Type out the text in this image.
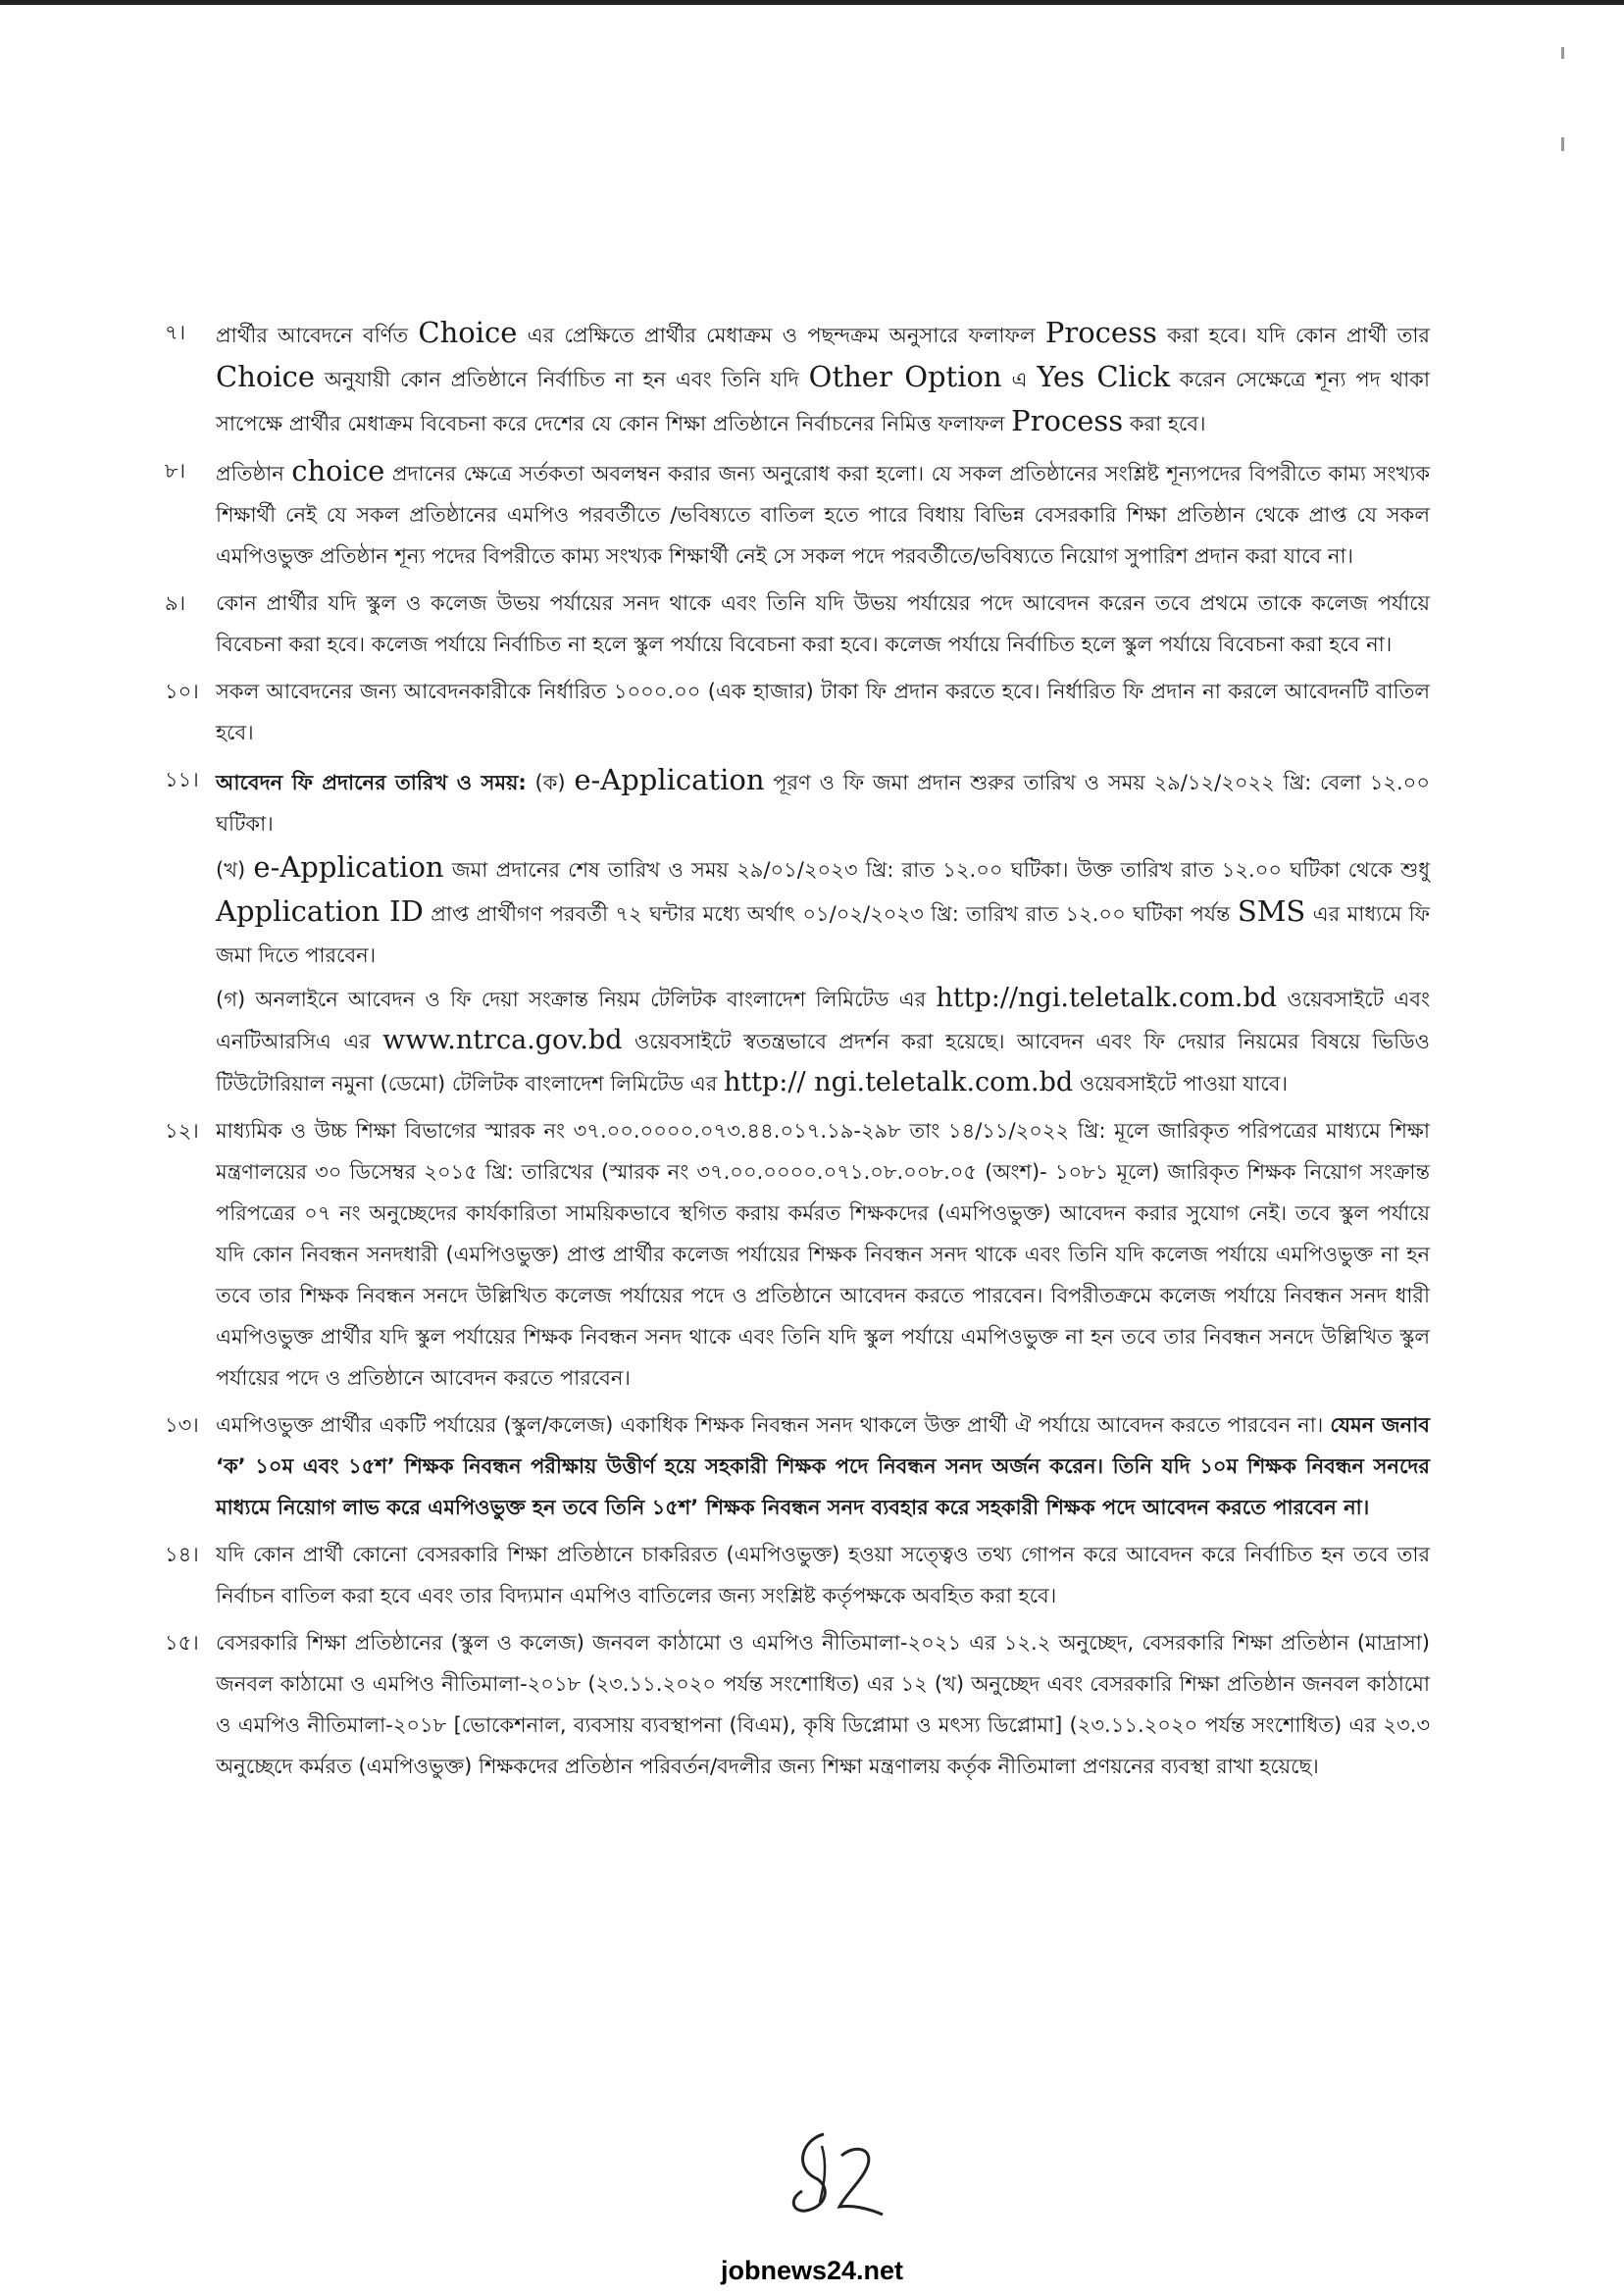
৭।	প্রার্থীর আবেদনে বর্ণিত Choice এর প্রেক্ষিতে প্রার্থীর মেধাক্রম ও পছন্দক্রম অনুসারে ফলাফল Process করা হবে। যদি কোন প্রার্থী তার Choice অনুযায়ী কোন প্রতিষ্ঠানে নির্বাচিত না হন এবং তিনি যদি Other Option এ Yes Click করেন সেক্ষেত্রে শূন্য পদ থাকা সাপেক্ষে প্রার্থীর মেধাক্রম বিবেচনা করে দেশের যে কোন শিক্ষা প্রতিষ্ঠানে নির্বাচনের নিমিত্ত ফলাফল Process করা হবে।

৮।	প্রতিষ্ঠান choice প্রদানের ক্ষেত্রে সর্তকতা অবলম্বন করার জন্য অনুরোধ করা হলো। যে সকল প্রতিষ্ঠানের সংশ্লিষ্ট শূন্যপদের বিপরীতে কাম্য সংখ্যক শিক্ষার্থী নেই যে সকল প্রতিষ্ঠানের এমপিও পরবর্তীতে /ভবিষ্যতে বাতিল হতে পারে বিধায় বিভিন্ন বেসরকারি শিক্ষা প্রতিষ্ঠান থেকে প্রাপ্ত যে সকল এমপিওভুক্ত প্রতিষ্ঠান শূন্য পদের বিপরীতে কাম্য সংখ্যক শিক্ষার্থী নেই সে সকল পদে পরবর্তীতে/ভবিষ্যতে নিয়োগ সুপারিশ প্রদান করা যাবে না।

৯।	কোন প্রার্থীর যদি স্কুল ও কলেজ উভয় পর্যায়ের সনদ থাকে এবং তিনি যদি উভয় পর্যায়ের পদে আবেদন করেন তবে প্রথমে তাকে কলেজ পর্যায়ে বিবেচনা করা হবে। কলেজ পর্যায়ে নির্বাচিত না হলে স্কুল পর্যায়ে বিবেচনা করা হবে। কলেজ পর্যায়ে নির্বাচিত হলে স্কুল পর্যায়ে বিবেচনা করা হবে না।

১০। সকল আবেদনের জন্য আবেদনকারীকে নির্ধারিত ১০০০.০০ (এক হাজার) টাকা ফি প্রদান করতে হবে। নির্ধারিত ফি প্রদান না করলে আবেদনটি বাতিল হবে।

১১। আবেদন ফি প্রদানের তারিখ ও সময়: (ক) e-Application পূরণ ও ফি জমা প্রদান শুরুর তারিখ ও সময় ২৯/১২/২০২২ খ্রি: বেলা ১২.০০ ঘটিকা।

(খ) e-Application জমা প্রদানের শেষ তারিখ ও সময় ২৯/০১/২০২৩ খ্রি: রাত ১২.০০ ঘটিকা। উক্ত তারিখ রাত ১২.০০ ঘটিকা থেকে শুধু Application ID প্রাপ্ত প্রার্থীগণ পরবর্তী ৭২ ঘন্টার মধ্যে অর্থাৎ ০১/০২/২০২৩ খ্রি: তারিখ রাত ১২.০০ ঘটিকা পর্যন্ত SMS এর মাধ্যমে ফি জমা দিতে পারবেন।

(গ) অনলাইনে আবেদন ও ফি দেয়া সংক্রান্ত নিয়ম টেলিটক বাংলাদেশ লিমিটেড এর http://ngi.teletalk.com.bd ওয়েবসাইটে এবং এনটিআরসিএ এর www.ntrca.gov.bd ওয়েবসাইটে স্বতন্ত্রভাবে প্রদর্শন করা হয়েছে। আবেদন এবং ফি দেয়ার নিয়মের বিষয়ে ভিডিও টিউটোরিয়াল নমুনা (ডেমো) টেলিটক বাংলাদেশ লিমিটেড এর http:// ngi.teletalk.com.bd ওয়েবসাইটে পাওয়া যাবে।

১২। মাধ্যমিক ও উচ্চ শিক্ষা বিভাগের স্মারক নং ৩৭.০০.০০০০.০৭৩.৪৪.০১৭.১৯-২৯৮ তাং ১৪/১১/২০২২ খ্রি: মূলে জারিকৃত পরিপত্রের মাধ্যমে শিক্ষা মন্ত্রণালয়ের ৩০ ডিসেম্বর ২০১৫ খ্রি: তারিখের (স্মারক নং ৩৭.০০.০০০০.০৭১.০৮.০০৮.০৫ (অংশ)- ১০৮১ মূলে) জারিকৃত শিক্ষক নিয়োগ সংক্রান্ত পরিপত্রের ০৭ নং অনুচ্ছেদের কার্যকারিতা সাময়িকভাবে স্থগিত করায় কর্মরত শিক্ষকদের (এমপিওভুক্ত) আবেদন করার সুযোগ নেই। তবে স্কুল পর্যায়ে যদি কোন নিবন্ধন সনদধারী (এমপিওভুক্ত) প্রাপ্ত প্রার্থীর কলেজ পর্যায়ের শিক্ষক নিবন্ধন সনদ থাকে এবং তিনি যদি কলেজ পর্যায়ে এমপিওভুক্ত না হন তবে তার শিক্ষক নিবন্ধন সনদে উল্লিখিত কলেজ পর্যায়ের পদে ও প্রতিষ্ঠানে আবেদন করতে পারবেন। বিপরীতক্রমে কলেজ পর্যায়ে নিবন্ধন সনদ ধারী এমপিওভুক্ত প্রার্থীর যদি স্কুল পর্যায়ের শিক্ষক নিবন্ধন সনদ থাকে এবং তিনি যদি স্কুল পর্যায়ে এমপিওভুক্ত না হন তবে তার নিবন্ধন সনদে উল্লিখিত স্কুল পর্যায়ের পদে ও প্রতিষ্ঠানে আবেদন করতে পারবেন।

১৩। এমপিওভুক্ত প্রার্থীর একটি পর্যায়ের (স্কুল/কলেজ) একাধিক শিক্ষক নিবন্ধন সনদ থাকলে উক্ত প্রার্থী ঐ পর্যায়ে আবেদন করতে পারবেন না। যেমন জনাব ‘ক’ ১০ম এবং ১৫শ’ শিক্ষক নিবন্ধন পরীক্ষায় উত্তীর্ণ হয়ে সহকারী শিক্ষক পদে নিবন্ধন সনদ অর্জন করেন। তিনি যদি ১০ম শিক্ষক নিবন্ধন সনদের মাধ্যমে নিয়োগ লাভ করে এমপিওভুক্ত হন তবে তিনি ১৫শ’ শিক্ষক নিবন্ধন সনদ ব্যবহার করে সহকারী শিক্ষক পদে আবেদন করতে পারবেন না।

১৪। যদি কোন প্রার্থী কোনো বেসরকারি শিক্ষা প্রতিষ্ঠানে চাকরিরত (এমপিওভুক্ত) হওয়া সত্ত্বেও তথ্য গোপন করে আবেদন করে নির্বাচিত হন তবে তার নির্বাচন বাতিল করা হবে এবং তার বিদ্যমান এমপিও বাতিলের জন্য সংশ্লিষ্ট কর্তৃপক্ষকে অবহিত করা হবে।

১৫। বেসরকারি শিক্ষা প্রতিষ্ঠানের (স্কুল ও কলেজ) জনবল কাঠামো ও এমপিও নীতিমালা-২০২১ এর ১২.২ অনুচ্ছেদ, বেসরকারি শিক্ষা প্রতিষ্ঠান (মাদ্রাসা) জনবল কাঠামো ও এমপিও নীতিমালা-২০১৮ (২৩.১১.২০২০ পর্যন্ত সংশোধিত) এর ১২ (খ) অনুচ্ছেদ এবং বেসরকারি শিক্ষা প্রতিষ্ঠান জনবল কাঠামো ও এমপিও নীতিমালা-২০১৮ [ভোকেশনাল, ব্যবসায় ব্যবস্থাপনা (বিএম), কৃষি ডিপ্লোমা ও মৎস্য ডিপ্লোমা] (২৩.১১.২০২০ পর্যন্ত সংশোধিত) এর ২৩.৩ অনুচ্ছেদে কর্মরত (এমপিওভুক্ত) শিক্ষকদের প্রতিষ্ঠান পরিবর্তন/বদলীর জন্য শিক্ষা মন্ত্রণালয় কর্তৃক নীতিমালা প্রণয়নের ব্যবস্থা রাখা হয়েছে।

jobnews24.net
